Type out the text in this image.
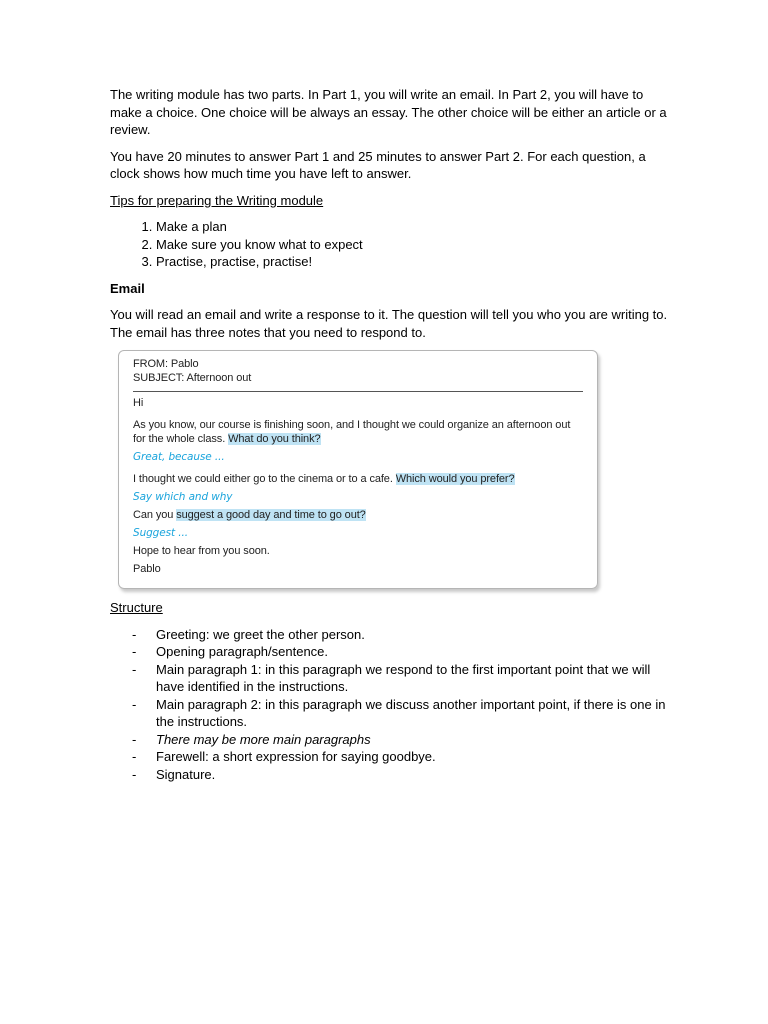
The writing module has two parts. In Part 1, you will write an email. In Part 2, you will have to make a choice. One choice will be always an essay. The other choice will be either an article or a review.

You have 20 minutes to answer Part 1 and 25 minutes to answer Part 2. For each question, a clock shows how much time you have left to answer.

Tips for preparing the Writing module

1. Make a plan
2. Make sure you know what to expect
3. Practise, practise, practise!

Email

You will read an email and write a response to it. The question will tell you who you are writing to. The email has three notes that you need to respond to.

FROM: Pablo
SUBJECT: Afternoon out
Hi
As you know, our course is finishing soon, and I thought we could organize an afternoon out for the whole class. What do you think?
Great, because ...
I thought we could either go to the cinema or to a cafe. Which would you prefer?
Say which and why
Can you suggest a good day and time to go out?
Suggest ...
Hope to hear from you soon.
Pablo

Structure

- Greeting: we greet the other person.
- Opening paragraph/sentence.
- Main paragraph 1: in this paragraph we respond to the first important point that we will have identified in the instructions.
- Main paragraph 2: in this paragraph we discuss another important point, if there is one in the instructions.
- There may be more main paragraphs
- Farewell: a short expression for saying goodbye.
- Signature.
